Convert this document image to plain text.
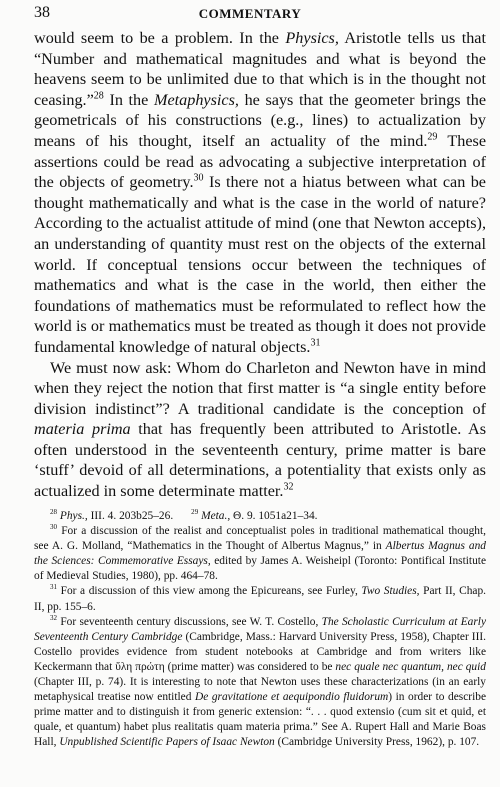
38	COMMENTARY

would seem to be a problem. In the Physics, Aristotle tells us that “Number and mathematical magnitudes and what is beyond the heavens seem to be unlimited due to that which is in the thought not ceasing.”$^{28}$ In the Metaphysics, he says that the geometer brings the geometricals of his constructions (e.g., lines) to actualization by means of his thought, itself an actuality of the mind.$^{29}$ These assertions could be read as advocating a subjective interpretation of the objects of geometry.$^{30}$ Is there not a hiatus between what can be thought mathematically and what is the case in the world of nature? According to the actualist attitude of mind (one that Newton accepts), an understanding of quantity must rest on the objects of the external world. If conceptual tensions occur between the techniques of mathematics and what is the case in the world, then either the foundations of mathematics must be reformulated to reflect how the world is or mathematics must be treated as though it does not provide fundamental knowledge of natural objects.$^{31}$

We must now ask: Whom do Charleton and Newton have in mind when they reject the notion that first matter is “a single entity before division indistinct”? A traditional candidate is the conception of materia prima that has frequently been attributed to Aristotle. As often understood in the seventeenth century, prime matter is bare ‘stuff’ devoid of all determinations, a potentiality that exists only as actualized in some determinate matter.$^{32}$

$^{28}$ Phys., III. 4. 203b25–26.	$^{29}$ Meta., Θ. 9. 1051a21–34.

$^{30}$ For a discussion of the realist and conceptualist poles in traditional mathematical thought, see A. G. Molland, “Mathematics in the Thought of Albertus Magnus,” in Albertus Magnus and the Sciences: Commemorative Essays, edited by James A. Weisheipl (Toronto: Pontifical Institute of Medieval Studies, 1980), pp. 464–78.

$^{31}$ For a discussion of this view among the Epicureans, see Furley, Two Studies, Part II, Chap. II, pp. 155–6.

$^{32}$ For seventeenth century discussions, see W. T. Costello, The Scholastic Curriculum at Early Seventeenth Century Cambridge (Cambridge, Mass.: Harvard University Press, 1958), Chapter III. Costello provides evidence from student notebooks at Cambridge and from writers like Keckermann that ὕλη πρώτη (prime matter) was considered to be nec quale nec quantum, nec quid (Chapter III, p. 74). It is interesting to note that Newton uses these characterizations (in an early metaphysical treatise now entitled De gravitatione et aequipondio fluidorum) in order to describe prime matter and to distinguish it from generic extension: “. . . quod extensio (cum sit et quid, et quale, et quantum) habet plus realitatis quam materia prima.” See A. Rupert Hall and Marie Boas Hall, Unpublished Scientific Papers of Isaac Newton (Cambridge University Press, 1962), p. 107.
